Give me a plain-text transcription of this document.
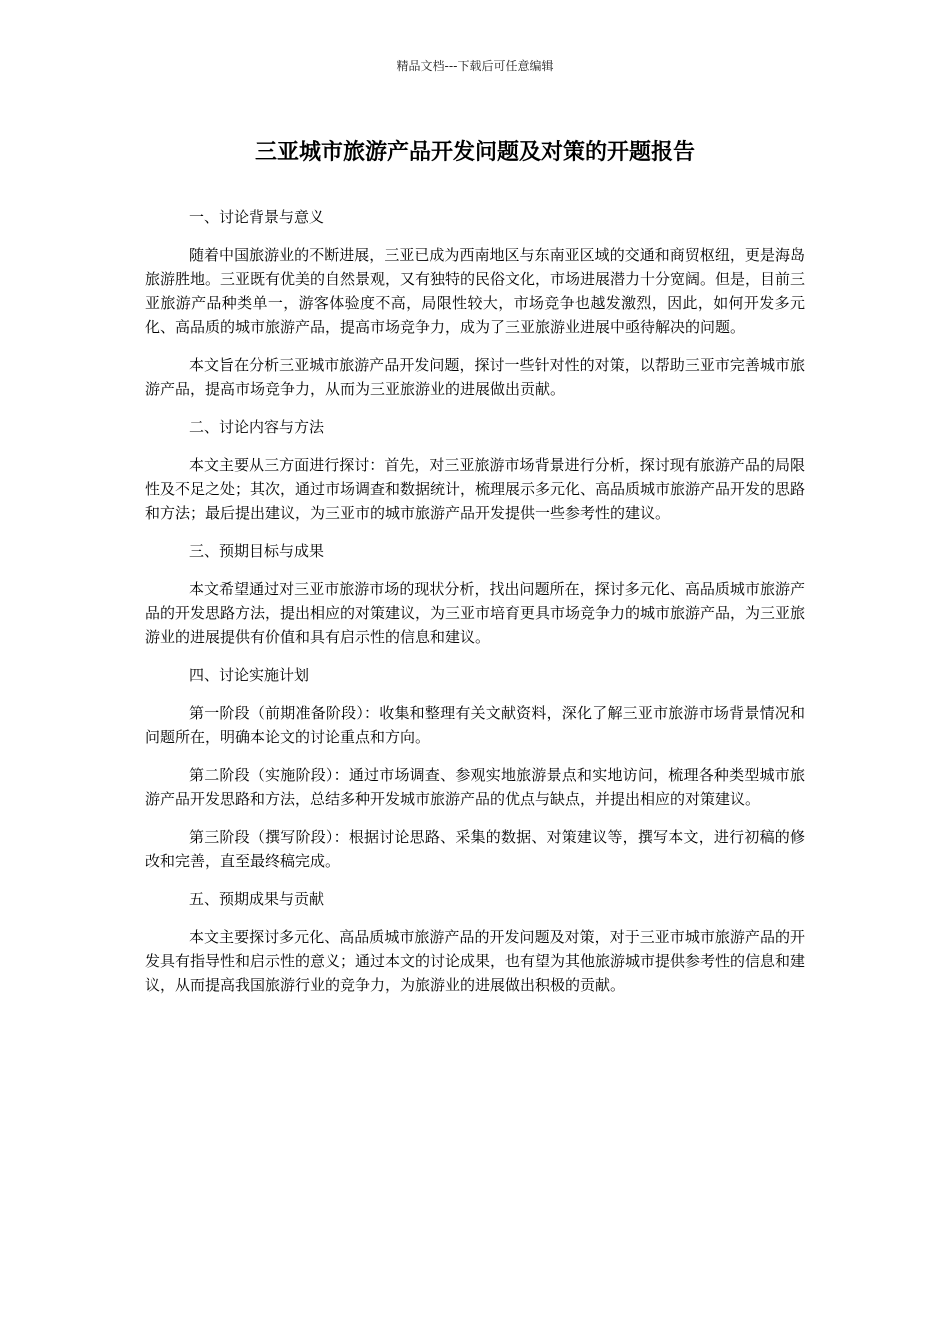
精品文档---下载后可任意编辑
三亚城市旅游产品开发问题及对策的开题报告

一、讨论背景与意义

随着中国旅游业的不断进展，三亚已成为西南地区与东南亚区域的交通和商贸枢纽，更是海岛旅游胜地。三亚既有优美的自然景观，又有独特的民俗文化，市场进展潜力十分宽阔。但是，目前三亚旅游产品种类单一，游客体验度不高，局限性较大，市场竞争也越发激烈，因此，如何开发多元化、高品质的城市旅游产品，提高市场竞争力，成为了三亚旅游业进展中亟待解决的问题。

本文旨在分析三亚城市旅游产品开发问题，探讨一些针对性的对策，以帮助三亚市完善城市旅游产品，提高市场竞争力，从而为三亚旅游业的进展做出贡献。

二、讨论内容与方法

本文主要从三方面进行探讨：首先，对三亚旅游市场背景进行分析，探讨现有旅游产品的局限性及不足之处；其次，通过市场调查和数据统计，梳理展示多元化、高品质城市旅游产品开发的思路和方法；最后提出建议，为三亚市的城市旅游产品开发提供一些参考性的建议。

三、预期目标与成果

本文希望通过对三亚市旅游市场的现状分析，找出问题所在，探讨多元化、高品质城市旅游产品的开发思路方法，提出相应的对策建议，为三亚市培育更具市场竞争力的城市旅游产品，为三亚旅游业的进展提供有价值和具有启示性的信息和建议。

四、讨论实施计划

第一阶段（前期准备阶段）：收集和整理有关文献资料，深化了解三亚市旅游市场背景情况和问题所在，明确本论文的讨论重点和方向。

第二阶段（实施阶段）：通过市场调查、参观实地旅游景点和实地访问，梳理各种类型城市旅游产品开发思路和方法，总结多种开发城市旅游产品的优点与缺点，并提出相应的对策建议。

第三阶段（撰写阶段）：根据讨论思路、采集的数据、对策建议等，撰写本文，进行初稿的修改和完善，直至最终稿完成。

五、预期成果与贡献

本文主要探讨多元化、高品质城市旅游产品的开发问题及对策，对于三亚市城市旅游产品的开发具有指导性和启示性的意义；通过本文的讨论成果，也有望为其他旅游城市提供参考性的信息和建议，从而提高我国旅游行业的竞争力，为旅游业的进展做出积极的贡献。
